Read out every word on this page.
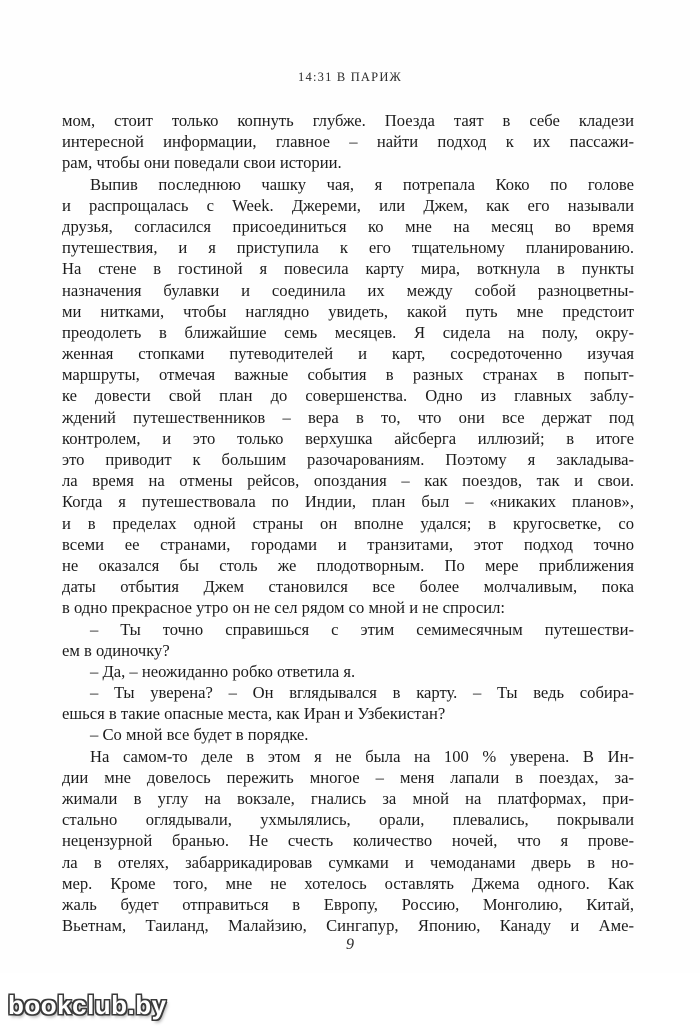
14:31 В ПАРИЖ
мом, стоит только копнуть глубже. Поезда таят в себе кладези
интересной информации, главное – найти подход к их пассажи-
рам, чтобы они поведали свои истории.
Выпив последнюю чашку чая, я потрепала Коко по голове
и распрощалась с Week. Джереми, или Джем, как его называли
друзья, согласился присоединиться ко мне на месяц во время
путешествия, и я приступила к его тщательному планированию.
На стене в гостиной я повесила карту мира, воткнула в пункты
назначения булавки и соединила их между собой разноцветны-
ми нитками, чтобы наглядно увидеть, какой путь мне предстоит
преодолеть в ближайшие семь месяцев. Я сидела на полу, окру-
женная стопками путеводителей и карт, сосредоточенно изучая
маршруты, отмечая важные события в разных странах в попыт-
ке довести свой план до совершенства. Одно из главных заблу-
ждений путешественников – вера в то, что они все держат под
контролем, и это только верхушка айсберга иллюзий; в итоге
это приводит к большим разочарованиям. Поэтому я закладыва-
ла время на отмены рейсов, опоздания – как поездов, так и свои.
Когда я путешествовала по Индии, план был – «никаких планов»,
и в пределах одной страны он вполне удался; в кругосветке, со
всеми ее странами, городами и транзитами, этот подход точно
не оказался бы столь же плодотворным. По мере приближения
даты отбытия Джем становился все более молчаливым, пока
в одно прекрасное утро он не сел рядом со мной и не спросил:
– Ты точно справишься с этим семимесячным путешестви-
ем в одиночку?
– Да, – неожиданно робко ответила я.
– Ты уверена? – Он вглядывался в карту. – Ты ведь собира-
ешься в такие опасные места, как Иран и Узбекистан?
– Со мной все будет в порядке.
На самом-то деле в этом я не была на 100 % уверена. В Ин-
дии мне довелось пережить многое – меня лапали в поездах, за-
жимали в углу на вокзале, гнались за мной на платформах, при-
стально оглядывали, ухмылялись, орали, плевались, покрывали
нецензурной бранью. Не счесть количество ночей, что я прове-
ла в отелях, забаррикадировав сумками и чемоданами дверь в но-
мер. Кроме того, мне не хотелось оставлять Джема одного. Как
жаль будет отправиться в Европу, Россию, Монголию, Китай,
Вьетнам, Таиланд, Малайзию, Сингапур, Японию, Канаду и Аме-
9
bookclub.by
